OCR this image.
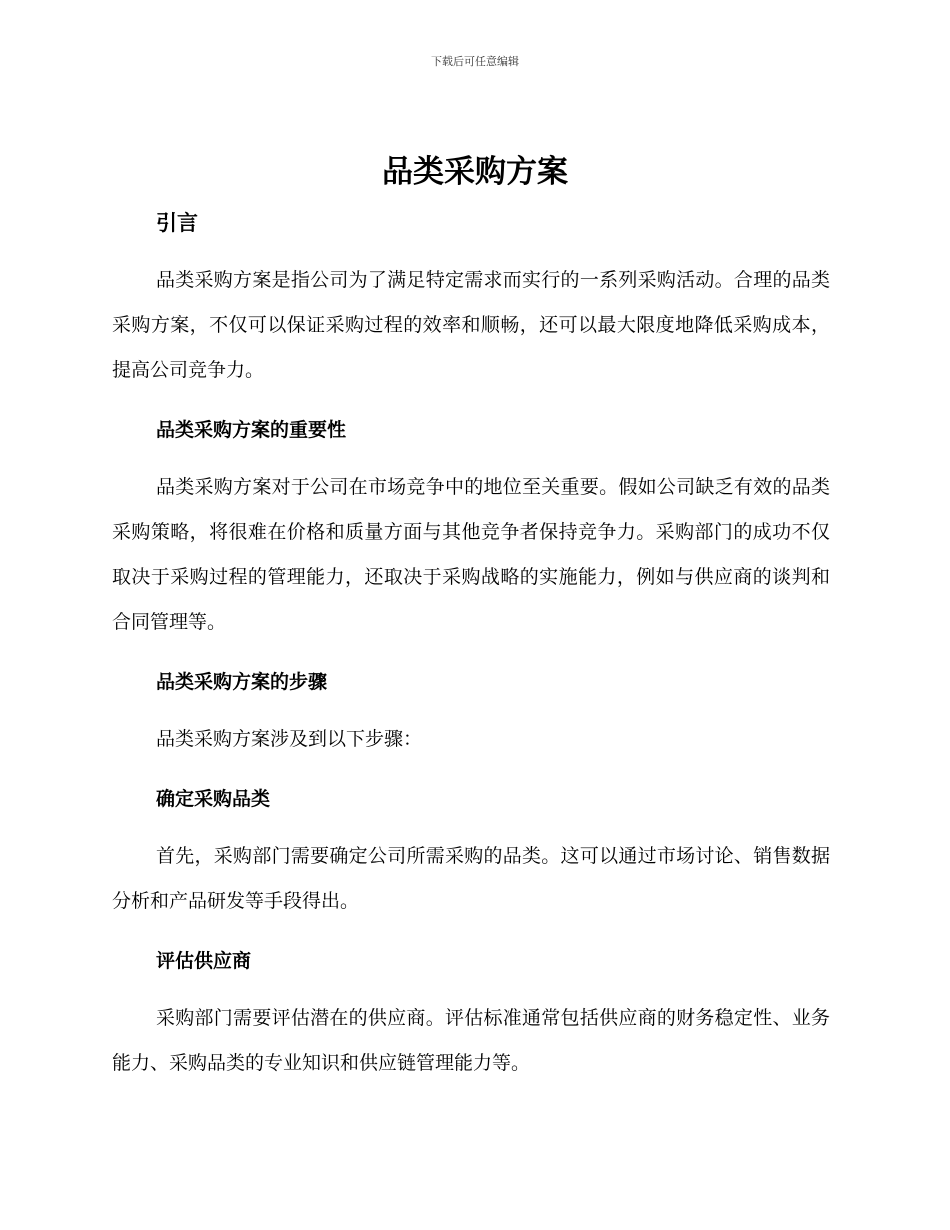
下载后可任意编辑
品类采购方案
引言

品类采购方案是指公司为了满足特定需求而实行的一系列采购活动。合理的品类采购方案，不仅可以保证采购过程的效率和顺畅，还可以最大限度地降低采购成本，提高公司竞争力。

品类采购方案的重要性

品类采购方案对于公司在市场竞争中的地位至关重要。假如公司缺乏有效的品类采购策略，将很难在价格和质量方面与其他竞争者保持竞争力。采购部门的成功不仅取决于采购过程的管理能力，还取决于采购战略的实施能力，例如与供应商的谈判和合同管理等。

品类采购方案的步骤

品类采购方案涉及到以下步骤：

确定采购品类

首先，采购部门需要确定公司所需采购的品类。这可以通过市场讨论、销售数据分析和产品研发等手段得出。

评估供应商

采购部门需要评估潜在的供应商。评估标准通常包括供应商的财务稳定性、业务能力、采购品类的专业知识和供应链管理能力等。
